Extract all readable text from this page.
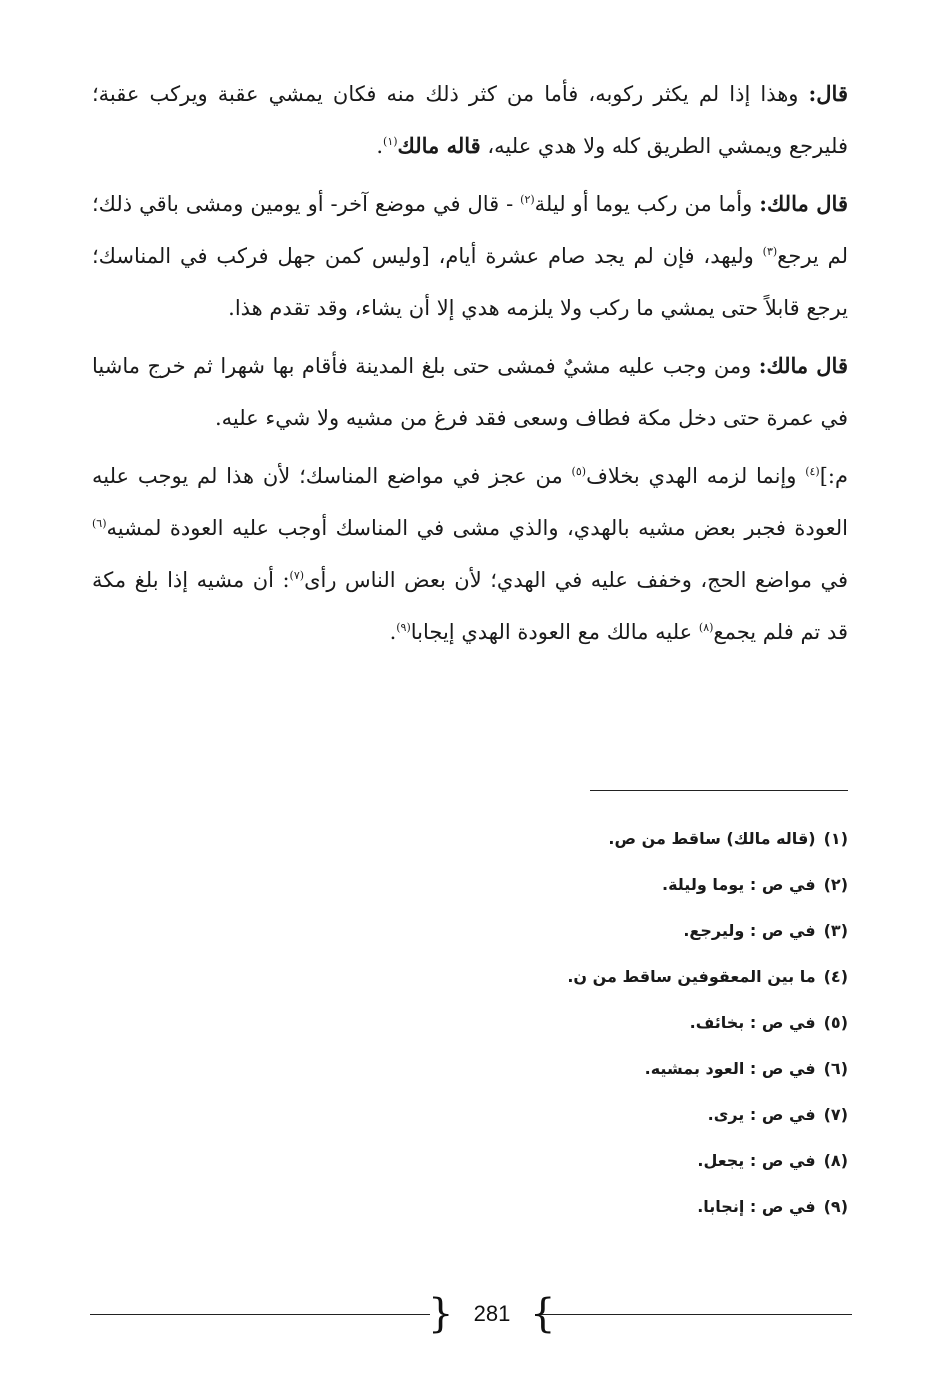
قال: وهذا إذا لم يكثر ركوبه، فأما من كثر ذلك منه فكان يمشي عقبة ويركب عقبة؛ فليرجع ويمشي الطريق كله ولا هدي عليه، قاله مالك$^{(١)}$.

قال مالك: وأما من ركب يوما أو ليلة$^{(٢)}$ - قال في موضع آخر- أو يومين ومشى باقي ذلك؛ لم يرجع$^{(٣)}$ وليهد، فإن لم يجد صام عشرة أيام، [وليس كمن جهل فركب في المناسك؛ يرجع قابلاً حتى يمشي ما ركب ولا يلزمه هدي إلا أن يشاء، وقد تقدم هذا.

قال مالك: ومن وجب عليه مشيٌ فمشى حتى بلغ المدينة فأقام بها شهرا ثم خرج ماشيا في عمرة حتى دخل مكة فطاف وسعى فقد فرغ من مشيه ولا شيء عليه.

م:]$^{(٤)}$ وإنما لزمه الهدي بخلاف$^{(٥)}$ من عجز في مواضع المناسك؛ لأن هذا لم يوجب عليه العودة فجبر بعض مشيه بالهدي، والذي مشى في المناسك أوجب عليه العودة لمشيه$^{(٦)}$ في مواضع الحج، وخفف عليه في الهدي؛ لأن بعض الناس رأى$^{(٧)}$: أن مشيه إذا بلغ مكة قد تم فلم يجمع$^{(٨)}$ عليه مالك مع العودة الهدي إيجابا$^{(٩)}$.

(١)(قاله مالك) ساقط من ص.
(٢)في ص : يوما وليلة.
(٣)في ص : وليرجع.
(٤)ما بين المعقوفين ساقط من ن.
(٥)في ص : بخائف.
(٦)في ص : العود بمشيه.
(٧)في ص : يرى.
(٨)في ص : يجعل.
(٩)في ص : إنجابا.
{ 281 }
